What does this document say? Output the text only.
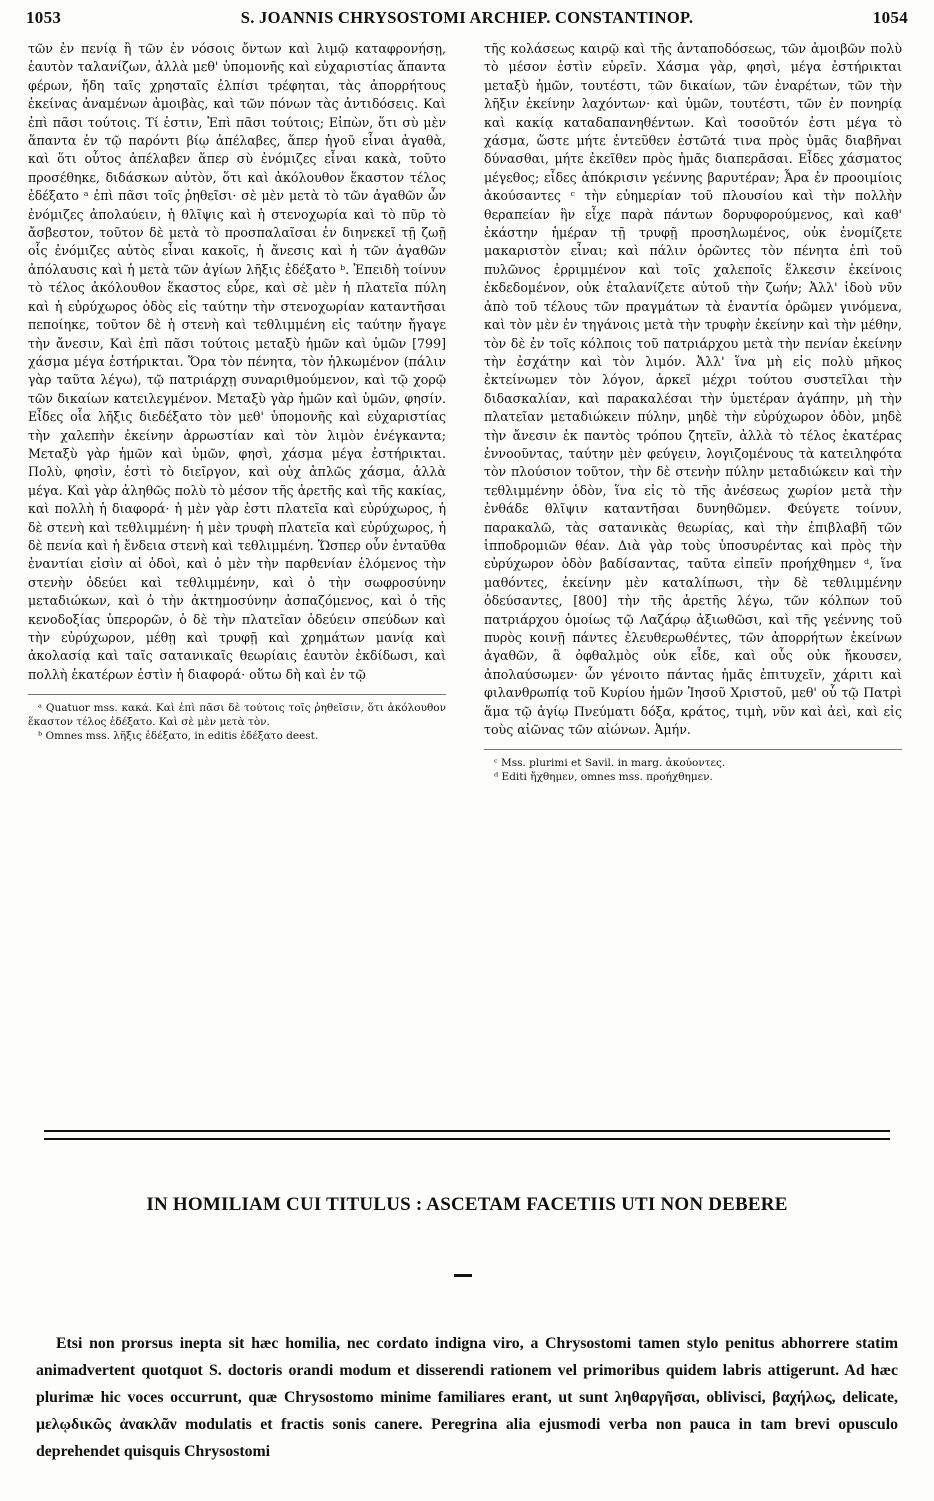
1053	S. JOANNIS CHRYSOSTOMI ARCHIEP. CONSTANTINOP.	1054

τῶν ἐν πενίᾳ ἢ τῶν ἐν νόσοις ὄντων καὶ λιμῷ καταφρονήσῃ, ἑαυτὸν ταλανίζων, ἀλλὰ μεθ' ὑπομονῆς καὶ εὐχαριστίας ἅπαντα φέρων, ἤδη ταῖς χρησταῖς ἐλπίσι τρέφηται, τὰς ἀπορρήτους ἐκείνας ἀναμένων ἀμοιβὰς, καὶ τῶν πόνων τὰς ἀντιδόσεις. Καὶ ἐπὶ πᾶσι τούτοις. Τί ἐστιν, Ἐπὶ πᾶσι τούτοις; Εἰπὼν, ὅτι σὺ μὲν ἅπαντα ἐν τῷ παρόντι βίῳ ἀπέλαβες, ἅπερ ἡγοῦ εἶναι ἀγαθὰ, καὶ ὅτι οὗτος ἀπέλαβεν ἅπερ σὺ ἐνόμιζες εἶναι κακὰ, τοῦτο προσέθηκε, διδάσκων αὐτὸν, ὅτι καὶ ἀκόλουθον ἕκαστον τέλος ἐδέξατο ᵃ ἐπὶ πᾶσι τοῖς ῥηθεῖσι· σὲ μὲν μετὰ τὸ τῶν ἀγαθῶν ὧν ἐνόμιζες ἀπολαύειν, ἡ θλῖψις καὶ ἡ στενοχωρία καὶ τὸ πῦρ τὸ ἄσβεστον, τοῦτον δὲ μετὰ τὸ προσπαλαῖσαι ἐν διηνεκεῖ τῇ ζωῇ οἷς ἐνόμιζες αὐτὸς εἶναι κακοῖς, ἡ ἄνεσις καὶ ἡ τῶν ἀγαθῶν ἀπόλαυσις καὶ ἡ μετὰ τῶν ἁγίων λῆξις ἐδέξατο ᵇ. Ἐπειδὴ τοίνυν τὸ τέλος ἀκόλουθον ἕκαστος εὗρε, καὶ σὲ μὲν ἡ πλατεῖα πύλη καὶ ἡ εὐρύχωρος ὁδὸς εἰς ταύτην τὴν στενοχωρίαν καταντῆσαι πεποίηκε, τοῦτον δὲ ἡ στενὴ καὶ τεθλιμμένη εἰς ταύτην ἤγαγε τὴν ἄνεσιν, Καὶ ἐπὶ πᾶσι τούτοις μεταξὺ ἡμῶν καὶ ὑμῶν [799] χάσμα μέγα ἐστήρικται. Ὅρα τὸν πένητα, τὸν ἡλκωμένον (πάλιν γὰρ ταῦτα λέγω), τῷ πατριάρχῃ συναριθμούμενον, καὶ τῷ χορῷ τῶν δικαίων κατειλεγμένον. Μεταξὺ γὰρ ἡμῶν καὶ ὑμῶν, φησίν. Εἶδες οἷα λῆξις διεδέξατο τὸν μεθ' ὑπομονῆς καὶ εὐχαριστίας τὴν χαλεπὴν ἐκείνην ἀρρωστίαν καὶ τὸν λιμὸν ἐνέγκαντα; Μεταξὺ γὰρ ἡμῶν καὶ ὑμῶν, φησὶ, χάσμα μέγα ἐστήρικται. Πολὺ, φησὶν, ἐστὶ τὸ διεῖργον, καὶ οὐχ ἁπλῶς χάσμα, ἀλλὰ μέγα. Καὶ γὰρ ἀληθῶς πολὺ τὸ μέσον τῆς ἀρετῆς καὶ τῆς κακίας, καὶ πολλὴ ἡ διαφορά· ἡ μὲν γὰρ ἐστι πλατεῖα καὶ εὐρύχωρος, ἡ δὲ στενὴ καὶ τεθλιμμένη· ἡ μὲν τρυφὴ πλατεῖα καὶ εὐρύχωρος, ἡ δὲ πενία καὶ ἡ ἔνδεια στενὴ καὶ τεθλιμμένη. Ὥσπερ οὖν ἐνταῦθα ἐναντίαι εἰσὶν αἱ ὁδοὶ, καὶ ὁ μὲν τὴν παρθενίαν ἑλόμενος τὴν στενὴν ὁδεύει καὶ τεθλιμμένην, καὶ ὁ τὴν σωφροσύνην μεταδιώκων, καὶ ὁ τὴν ἀκτημοσύνην ἀσπαζόμενος, καὶ ὁ τῆς κενοδοξίας ὑπερορῶν, ὁ δὲ τὴν πλατεῖαν ὁδεύειν σπεύδων καὶ τὴν εὐρύχωρον, μέθῃ καὶ τρυφῇ καὶ χρημάτων μανίᾳ καὶ ἀκολασίᾳ καὶ ταῖς σατανικαῖς θεωρίαις ἑαυτὸν ἐκδίδωσι, καὶ πολλὴ ἑκατέρων ἐστὶν ἡ διαφορά· οὕτω δὴ καὶ ἐν τῷ

ᵃ Quatuor mss. κακά. Καὶ ἐπὶ πᾶσι δὲ τούτοις τοῖς ῥηθεῖσιν, ὅτι ἀκόλουθον ἕκαστον τέλος ἐδέξατο. Καὶ σὲ μὲν μετὰ τὸν.

ᵇ Omnes mss. λῆξις ἐδέξατο, in editis ἐδέξατο deest.

τῆς κολάσεως καιρῷ καὶ τῆς ἀνταποδόσεως, τῶν ἀμοιβῶν πολὺ τὸ μέσον ἐστὶν εὑρεῖν. Χάσμα γὰρ, φησὶ, μέγα ἐστήρικται μεταξὺ ἡμῶν, τουτέστι, τῶν δικαίων, τῶν ἐναρέτων, τῶν τὴν λῆξιν ἐκείνην λαχόντων· καὶ ὑμῶν, τουτέστι, τῶν ἐν πονηρίᾳ καὶ κακίᾳ καταδαπανηθέντων. Καὶ τοσοῦτόν ἐστι μέγα τὸ χάσμα, ὥστε μήτε ἐντεῦθεν ἐστῶτά τινα πρὸς ὑμᾶς διαβῆναι δύνασθαι, μήτε ἐκεῖθεν πρὸς ἡμᾶς διαπερᾶσαι. Εἶδες χάσματος μέγεθος; εἶδες ἀπόκρισιν γεέννης βαρυτέραν; Ἆρα ἐν προοιμίοις ἀκούσαντες ᶜ τὴν εὐημερίαν τοῦ πλουσίου καὶ τὴν πολλὴν θεραπείαν ἣν εἶχε παρὰ πάντων δορυφορούμενος, καὶ καθ' ἑκάστην ἡμέραν τῇ τρυφῇ προσηλωμένος, οὐκ ἐνομίζετε μακαριστὸν εἶναι; καὶ πάλιν ὁρῶντες τὸν πένητα ἐπὶ τοῦ πυλῶνος ἐρριμμένον καὶ τοῖς χαλεποῖς ἕλκεσιν ἐκείνοις ἐκδεδομένον, οὐκ ἐταλανίζετε αὐτοῦ τὴν ζωήν; Ἀλλ' ἰδοὺ νῦν ἀπὸ τοῦ τέλους τῶν πραγμάτων τὰ ἐναντία ὁρῶμεν γινόμενα, καὶ τὸν μὲν ἐν τηγάνοις μετὰ τὴν τρυφὴν ἐκείνην καὶ τὴν μέθην, τὸν δὲ ἐν τοῖς κόλποις τοῦ πατριάρχου μετὰ τὴν πενίαν ἐκείνην τὴν ἐσχάτην καὶ τὸν λιμόν. Ἀλλ' ἵνα μὴ εἰς πολὺ μῆκος ἐκτείνωμεν τὸν λόγον, ἀρκεῖ μέχρι τούτου συστεῖλαι τὴν διδασκαλίαν, καὶ παρακαλέσαι τὴν ὑμετέραν ἀγάπην, μὴ τὴν πλατεῖαν μεταδιώκειν πύλην, μηδὲ τὴν εὐρύχωρον ὁδὸν, μηδὲ τὴν ἄνεσιν ἐκ παντὸς τρόπου ζητεῖν, ἀλλὰ τὸ τέλος ἑκατέρας ἐννοοῦντας, ταύτην μὲν φεύγειν, λογιζομένους τὰ κατειληφότα τὸν πλούσιον τοῦτον, τὴν δὲ στενὴν πύλην μεταδιώκειν καὶ τὴν τεθλιμμένην ὁδὸν, ἵνα εἰς τὸ τῆς ἀνέσεως χωρίον μετὰ τὴν ἐνθάδε θλῖψιν καταντῆσαι δυνηθῶμεν. Φεύγετε τοίνυν, παρακαλῶ, τὰς σατανικὰς θεωρίας, καὶ τὴν ἐπιβλαβῆ τῶν ἱπποδρομιῶν θέαν. Διὰ γὰρ τοὺς ὑποσυρέντας καὶ πρὸς τὴν εὐρύχωρον ὁδὸν βαδίσαντας, ταῦτα εἰπεῖν προήχθημεν ᵈ, ἵνα μαθόντες, ἐκείνην μὲν καταλίπωσι, τὴν δὲ τεθλιμμένην ὁδεύσαντες, [800] τὴν τῆς ἀρετῆς λέγω, τῶν κόλπων τοῦ πατριάρχου ὁμοίως τῷ Λαζάρῳ ἀξιωθῶσι, καὶ τῆς γεέννης τοῦ πυρὸς κοινῇ πάντες ἐλευθερωθέντες, τῶν ἀπορρήτων ἐκείνων ἀγαθῶν, ἃ ὀφθαλμὸς οὐκ εἶδε, καὶ οὖς οὐκ ἤκουσεν, ἀπολαύσωμεν· ὧν γένοιτο πάντας ἡμᾶς ἐπιτυχεῖν, χάριτι καὶ φιλανθρωπίᾳ τοῦ Κυρίου ἡμῶν Ἰησοῦ Χριστοῦ, μεθ' οὗ τῷ Πατρὶ ἅμα τῷ ἁγίῳ Πνεύματι δόξα, κράτος, τιμὴ, νῦν καὶ ἀεὶ, καὶ εἰς τοὺς αἰῶνας τῶν αἰώνων. Ἀμήν.

ᶜ Mss. plurimi et Savil. in marg. ἀκούοντες.

ᵈ Editi ἤχθημεν, omnes mss. προήχθημεν.

IN HOMILIAM CUI TITULUS : ASCETAM FACETIIS UTI NON DEBERE

Etsi non prorsus inepta sit hæc homilia, nec cordato indigna viro, a Chrysostomi tamen stylo penitus abhorrere statim animadvertent quotquot S. doctoris orandi modum et disserendi rationem vel primoribus quidem labris attigerunt. Ad hæc plurimæ hic voces occurrunt, quæ Chrysostomo minime familiares erant, ut sunt ληθαργῆσαι, oblivisci, βαχήλως, delicate, μελῳδικῶς ἀνακλᾶν modulatis et fractis sonis canere. Peregrina alia ejusmodi verba non pauca in tam brevi opusculo deprehendet quisquis Chrysostomi
